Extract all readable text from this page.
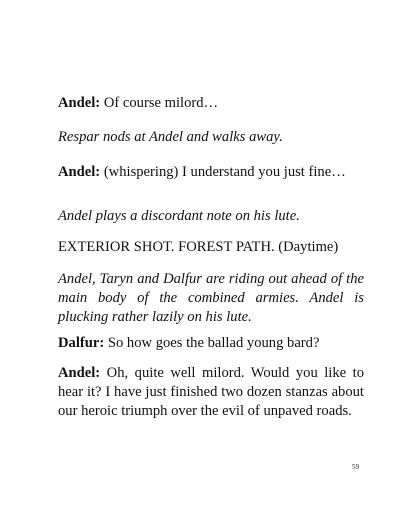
Andel: Of course milord…

Respar nods at Andel and walks away.

Andel: (whispering) I understand you just fine…

Andel plays a discordant note on his lute.

EXTERIOR SHOT. FOREST PATH. (Daytime)

Andel, Taryn and Dalfur are riding out ahead of the main body of the combined armies. Andel is plucking rather lazily on his lute.

Dalfur: So how goes the ballad young bard?

Andel: Oh, quite well milord. Would you like to hear it? I have just finished two dozen stanzas about our heroic triumph over the evil of unpaved roads.

59
